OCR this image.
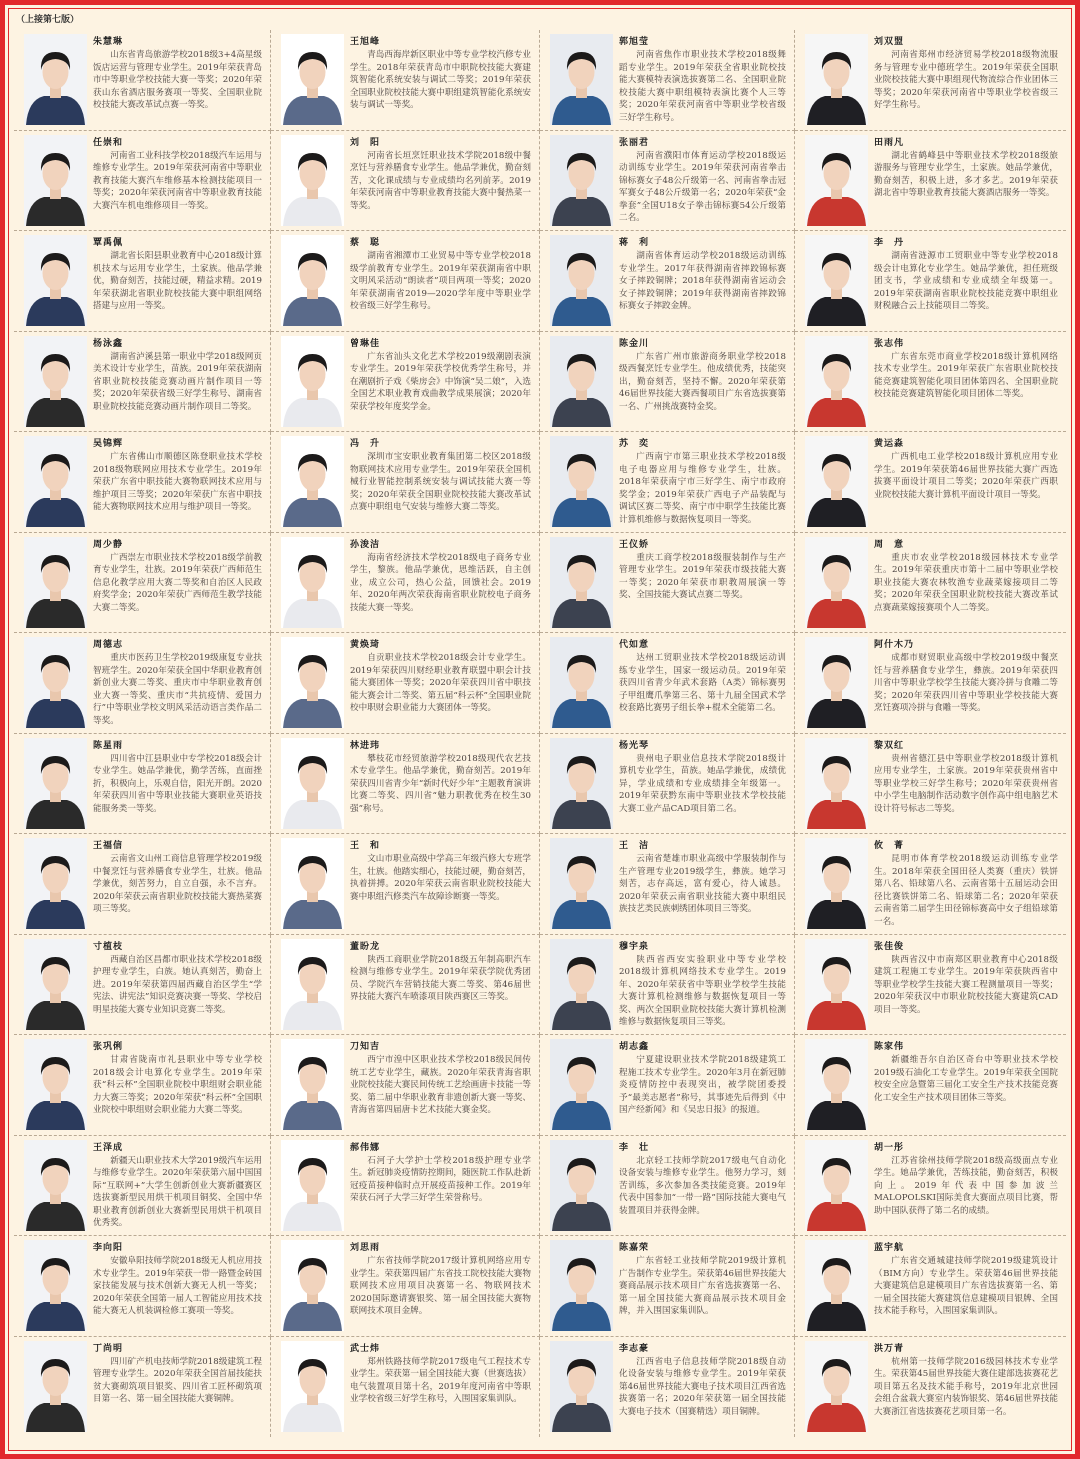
（上接第七版）
朱慧琳
山东省青岛旅游学校2018级3+4高星级饭店运营与管理专业学生。2019年荣获青岛市中等职业学校技能大赛一等奖；2020年荣获山东省酒店服务赛项一等奖、全国职业院校技能大赛改革试点赛一等奖。
王旭峰
青岛西海岸新区职业中等专业学校汽修专业学生。2018年荣获青岛市中职院校技能大赛建筑智能化系统安装与调试二等奖；2019年荣获全国职业院校技能大赛中职组建筑智能化系统安装与调试一等奖。
郭旭莹
河南省焦作市职业技术学校2018级舞蹈专业学生。2019年荣获全省职业院校技能大赛模特表演选拔赛第二名、全国职业院校技能大赛中职组模特表演比赛个人三等奖；2020年荣获河南省中等职业学校省级三好学生称号。
刘双盟
河南省郑州市经济贸易学校2018级物流服务与管理专业中德班学生。2019年荣获全国职业院校技能大赛中职组现代物流综合作业团体三等奖；2020年荣获河南省中等职业学校省级三好学生称号。
任崇和
河南省工业科技学校2018级汽车运用与维修专业学生。2019年荣获河南省中等职业教育技能大赛汽车维修基本检测技能项目一等奖；2020年荣获河南省中等职业教育技能大赛汽车机电维修项目一等奖。
刘　阳
河南省长垣烹饪职业技术学院2018级中餐烹饪与营养膳食专业学生。他品学兼优，勤奋刻苦，文化课成绩与专业成绩均名列前茅。2019年荣获河南省中等职业教育技能大赛中餐热菜一等奖。
张丽君
河南省濮阳市体育运动学校2018级运动训练专业学生。2019年荣获河南省拳击锦标赛女子48公斤级第一名、河南省拳击冠军赛女子48公斤级第一名；2020年荣获“金拳套”全国U18女子拳击锦标赛54公斤级第二名。
田雨凡
湖北省鹤峰县中等职业技术学校2018级旅游服务与管理专业学生，土家族。她品学兼优，勤奋刻苦，积极上进，多才多艺。2019年荣获湖北省中等职业教育技能大赛酒店服务一等奖。
覃禹佩
湖北省长阳县职业教育中心2018级计算机技术与运用专业学生，土家族。他品学兼优，勤奋刻苦，技能过硬，精益求精。2019年荣获湖北省职业院校技能大赛中职组网络搭建与应用一等奖。
蔡　聪
湖南省湘潭市工业贸易中等专业学校2018级学前教育专业学生。2019年荣获湖南省中职文明风采活动“朗读者”项目两项一等奖；2020年荣获湖南省2019—2020学年度中等职业学校省级三好学生称号。
蒋　利
湖南省体育运动学校2018级运动训练专业学生。2017年获得湖南省摔跤锦标赛女子摔跤铜牌；2018年获得湖南省运动会女子摔跤铜牌；2019年获得湖南省摔跤锦标赛女子摔跤金牌。
李　丹
湖南省涟源市工贸职业中等专业学校2018级会计电算化专业学生。她品学兼优，担任班级团支书，学业成绩和专业成绩全年级第一。2019年荣获湖南省职业院校技能竞赛中职组业财税融合云上技能项目二等奖。
杨泳鑫
湖南省泸溪县第一职业中学2018级网页美术设计专业学生，苗族。2019年荣获湖南省职业院校技能竞赛动画片制作项目一等奖；2020年荣获省级三好学生称号、湖南省职业院校技能竞赛动画片制作项目二等奖。
曾琳佳
广东省汕头文化艺术学校2019级潮剧表演专业学生。2019年荣获学校优秀学生称号，并在潮剧折子戏《柴房会》中饰演“吴二娘”，入选全国艺术职业教育戏曲教学成果展演；2020年荣获学校年度奖学金。
陈金川
广东省广州市旅游商务职业学校2018级西餐烹饪专业学生。他成绩优秀，技能突出，勤奋刻苦，坚持不懈。2020年荣获第46届世界技能大赛西餐项目广东省选拔赛第一名、广州挑战赛特金奖。
张志伟
广东省东莞市商业学校2018级计算机网络技术专业学生。2019年荣获广东省职业院校技能竞赛建筑智能化项目团体第四名、全国职业院校技能竞赛建筑智能化项目团体二等奖。
吴锦辉
广东省佛山市顺德区陈登职业技术学校2018级物联网应用技术专业学生。2019年荣获广东省中职技能大赛物联网技术应用与维护项目三等奖；2020年荣获广东省中职技能大赛物联网技术应用与维护项目一等奖。
冯　升
深圳市宝安职业教育集团第二校区2018级物联网技术应用专业学生。2019年荣获全国机械行业智能控制系统安装与调试技能大赛一等奖；2020年荣获全国职业院校技能大赛改革试点赛中职组电气安装与维修大赛二等奖。
苏　奕
广西南宁市第三职业技术学校2018级电子电器应用与维修专业学生，壮族。2018年荣获南宁市三好学生、南宁市政府奖学金；2019年荣获广西电子产品装配与调试区赛二等奖、南宁市中职学生技能比赛计算机维修与数据恢复项目一等奖。
黄运淼
广西机电工业学校2018级计算机应用专业学生。2019年荣获第46届世界技能大赛广西选拔赛平面设计项目二等奖；2020年荣获广西职业院校技能大赛计算机平面设计项目一等奖。
周少静
广西崇左市职业技术学校2018级学前教育专业学生，壮族。2019年荣获广西师范生信息化教学应用大赛二等奖和自治区人民政府奖学金；2020年荣获广西师范生教学技能大赛二等奖。
孙浚洁
海南省经济技术学校2018级电子商务专业学生，黎族。他品学兼优，思维活跃，自主创业，成立公司，热心公益，回馈社会。2019年、2020年两次荣获海南省职业院校电子商务技能大赛一等奖。
王仪娇
重庆工商学校2018级服装制作与生产管理专业学生。2019年荣获市级技能大赛一等奖；2020年荣获市职教周展演一等奖、全国技能大赛试点赛二等奖。
周　意
重庆市农业学校2018级园林技术专业学生。2019年荣获重庆市第十二届中等职业学校职业技能大赛农林牧渔专业蔬菜嫁接项目二等奖；2020年荣获全国职业院校技能大赛改革试点赛蔬菜嫁接赛项个人二等奖。
周德志
重庆市医药卫生学校2019级康复专业扶智班学生。2020年荣获全国中华职业教育创新创业大赛二等奖、重庆市中华职业教育创业大赛一等奖、重庆市“共抗疫情、爱国力行”中等职业学校文明风采活动语言类作品二等奖。
黄焕琦
自贡职业技术学校2018级会计专业学生。2019年荣获四川财经职业教育联盟中职会计技能大赛团体一等奖；2020年荣获四川省中职技能大赛会计二等奖、第五届“科云杯”全国职业院校中职财会职业能力大赛团体一等奖。
代如意
达州工贸职业技术学校2018级运动训练专业学生，国家一级运动员。2019年荣获四川省青少年武术套路（A类）锦标赛男子甲组鹰爪拳第三名、第十九届全国武术学校套路比赛男子组长拳+棍术全能第二名。
阿什木乃
成都市财贸职业高级中学校2019级中餐烹饪与营养膳食专业学生，彝族。2019年荣获四川省中等职业学校学生技能大赛冷拼与食雕二等奖；2020年荣获四川省中等职业学校技能大赛烹饪赛项冷拼与食雕一等奖。
陈星雨
四川省中江县职业中专学校2018级会计专业学生。她品学兼优，勤学苦练，直面挫折，积极向上，乐观自信，阳光开朗。2020年荣获四川省中等职业技能大赛职业英语技能服务类一等奖。
林进玮
攀枝花市经贸旅游学校2018级现代农艺技术专业学生。他品学兼优，勤奋刻苦。2019年荣获四川省青少年“新时代好少年”主题教育演讲比赛二等奖、四川省“魅力职教优秀在校生30强”称号。
杨光琴
贵州电子职业信息技术学院2018级计算机专业学生，苗族。她品学兼优，成绩优异，学业成绩和专业成绩排全年级第一。2019年荣获黔东南中等职业技术学校技能大赛工业产品CAD项目第二名。
黎双红
贵州省德江县中等职业学校2018级计算机应用专业学生，土家族。2019年荣获贵州省中等职业学校三好学生称号；2020年荣获贵州省中小学生电脑制作活动数字创作高中组电脑艺术设计符号标志二等奖。
王福信
云南省文山州工商信息管理学校2019级中餐烹饪与营养膳食专业学生，壮族。他品学兼优，刻苦努力，自立自强，永不言弃。2020年荣获云南省职业院校技能大赛热菜赛项三等奖。
王　和
文山市职业高级中学高三年级汽修大专班学生，壮族。他踏实细心，技能过硬，勤奋刻苦，执着拼搏。2020年荣获云南省职业院校技能大赛中职组汽修类汽车故障诊断赛一等奖。
王　洁
云南省楚雄市职业高级中学服装制作与生产管理专业2019级学生，彝族。她学习刻苦，志存高远，富有爱心，待人诚恳。2020年荣获云南省职业技能大赛中职组民族技艺类民族刺绣团体项目三等奖。
攸　菁
昆明市体育学校2018级运动训练专业学生。2018年荣获全国田径人类赛（重庆）铁饼第八名、铅球第八名、云南省第十五届运动会田径比赛铁饼第二名、铅球第二名；2020年荣获云南省第二届学生田径锦标赛高中女子组铅球第一名。
寸植枝
西藏自治区昌都市职业技术学校2018级护理专业学生，白族。她认真刻苦，勤奋上进。2019年荣获第四届西藏自治区学生“学宪法、讲宪法”知识竞赛决赛一等奖、学校启明星技能大赛专业知识竞赛二等奖。
董盼龙
陕西工商职业学院2018级五年制高职汽车检测与维修专业学生。2019年荣获学院优秀团员、学院汽车营销技能大赛二等奖、第46届世界技能大赛汽车喷漆项目陕西赛区三等奖。
穆宇泉
陕西省西安实验职业中等专业学校2018级计算机网络技术专业学生。2019年、2020年荣获省中等职业学校学生技能大赛计算机检测维修与数据恢复项目一等奖、两次全国职业院校技能大赛计算机检测维修与数据恢复项目三等奖。
张佳俊
陕西省汉中市南郑区职业教育中心2018级建筑工程施工专业学生。2019年荣获陕西省中等职业学校学生技能大赛工程测量项目一等奖；2020年荣获汉中市职业院校技能大赛建筑CAD项目一等奖。
张巩俐
甘肃省陇南市礼县职业中等专业学校2018级会计电算化专业学生。2019年荣获“科云杯”全国职业院校中职组财会职业能力大赛三等奖；2020年荣获“科云杯”全国职业院校中职组财会职业能力大赛二等奖。
刀知吉
西宁市湟中区职业技术学校2018级民间传统工艺专业学生，藏族。2020年荣获青海省职业院校技能大赛民间传统工艺绘画唐卡技能一等奖、第二届中华职业教育非遗创新大赛一等奖、青海省第四届唐卡艺术技能大赛金奖。
胡志鑫
宁夏建设职业技术学院2018级建筑工程施工技术专业学生。2020年3月在新冠肺炎疫情防控中表现突出，被学院团委授予“最美志愿者”称号，其事迹先后得到《中国产经新闻》和《吴忠日报》的报道。
陈家伟
新疆维吾尔自治区奇台中等职业技术学校2019级石油化工专业学生。2019年荣获全国院校安全应急暨第三届化工安全生产技术技能竞赛化工安全生产技术项目团体三等奖。
王泽成
新疆天山职业技术大学2019级汽车运用与维修专业学生。2020年荣获第六届中国国际“互联网+”大学生创新创业大赛新疆赛区选拔赛新型民用烘干机项目铜奖、全国中华职业教育创新创业大赛新型民用烘干机项目优秀奖。
郝伟娜
石河子大学护士学校2018级护理专业学生。新冠肺炎疫情防控期间，随医院工作队赴新冠疫苗接种临时点开展疫苗接种工作。2019年荣获石河子大学三好学生荣誉称号。
李　壮
北京轻工技师学院2017级电气自动化设备安装与维修专业学生。他努力学习，刻苦训练，多次参加各类技能竞赛。2019年代表中国参加“一带一路”国际技能大赛电气装置项目并获得金牌。
胡一彤
江苏省徐州技师学院2018级高级面点专业学生。她品学兼优，苦练技能，勤奋刻苦，积极向上。2019年代表中国参加波兰MALOPOLSKI国际美食大赛面点项目比赛，帮助中国队获得了第二名的成绩。
李向阳
安徽阜阳技师学院2018级无人机应用技术专业学生。2019年荣获一带一路暨金砖国家技能发展与技术创新大赛无人机一等奖；2020年荣获全国第一届人工智能应用技术技能大赛无人机装调检修工赛项一等奖。
刘思雨
广东省技师学院2017级计算机网络应用专业学生。荣获第四届广东省技工院校技能大赛物联网技术应用项目决赛第一名、物联网技术2020国际邀请赛银奖、第一届全国技能大赛物联网技术项目金牌。
陈嘉荣
广东省轻工业技师学院2019级计算机广告制作专业学生。荣获第46届世界技能大赛商品展示技术项目广东省选拔赛第一名、第一届全国技能大赛商品展示技术项目金牌，并入围国家集训队。
蓝宇航
广东省交通城建技师学院2019级建筑设计（BIM方向）专业学生。荣获第46届世界技能大赛建筑信息建模项目广东省选拔赛第一名、第一届全国技能大赛建筑信息建模项目银牌、全国技术能手称号，入围国家集训队。
丁尚明
四川矿产机电技师学院2018级建筑工程管理专业学生。2020年荣获全国首届技能扶贫大赛砌筑项目银奖、四川省工匠杯砌筑项目第一名、第一届全国技能大赛铜牌。
武士炜
郑州铁路技师学院2017级电气工程技术专业学生。荣获第一届全国技能大赛（世赛选拔）电气装置项目第十名，2019年度河南省中等职业学校省级三好学生称号，入围国家集训队。
李志豪
江西省电子信息技师学院2018级自动化设备安装与维修专业学生。2019年荣获第46届世界技能大赛电子技术项目江西省选拔赛第一名；2020年荣获第一届全国技能大赛电子技术（国赛精选）项目铜牌。
洪万青
杭州第一技师学院2016级园林技术专业学生。荣获第45届世界技能大赛住建部选拔赛花艺项目第五名及技术能手称号，2019年北京世园会组合盆栽大赛室内装饰银奖、第46届世界技能大赛浙江省选拔赛花艺项目第一名。
